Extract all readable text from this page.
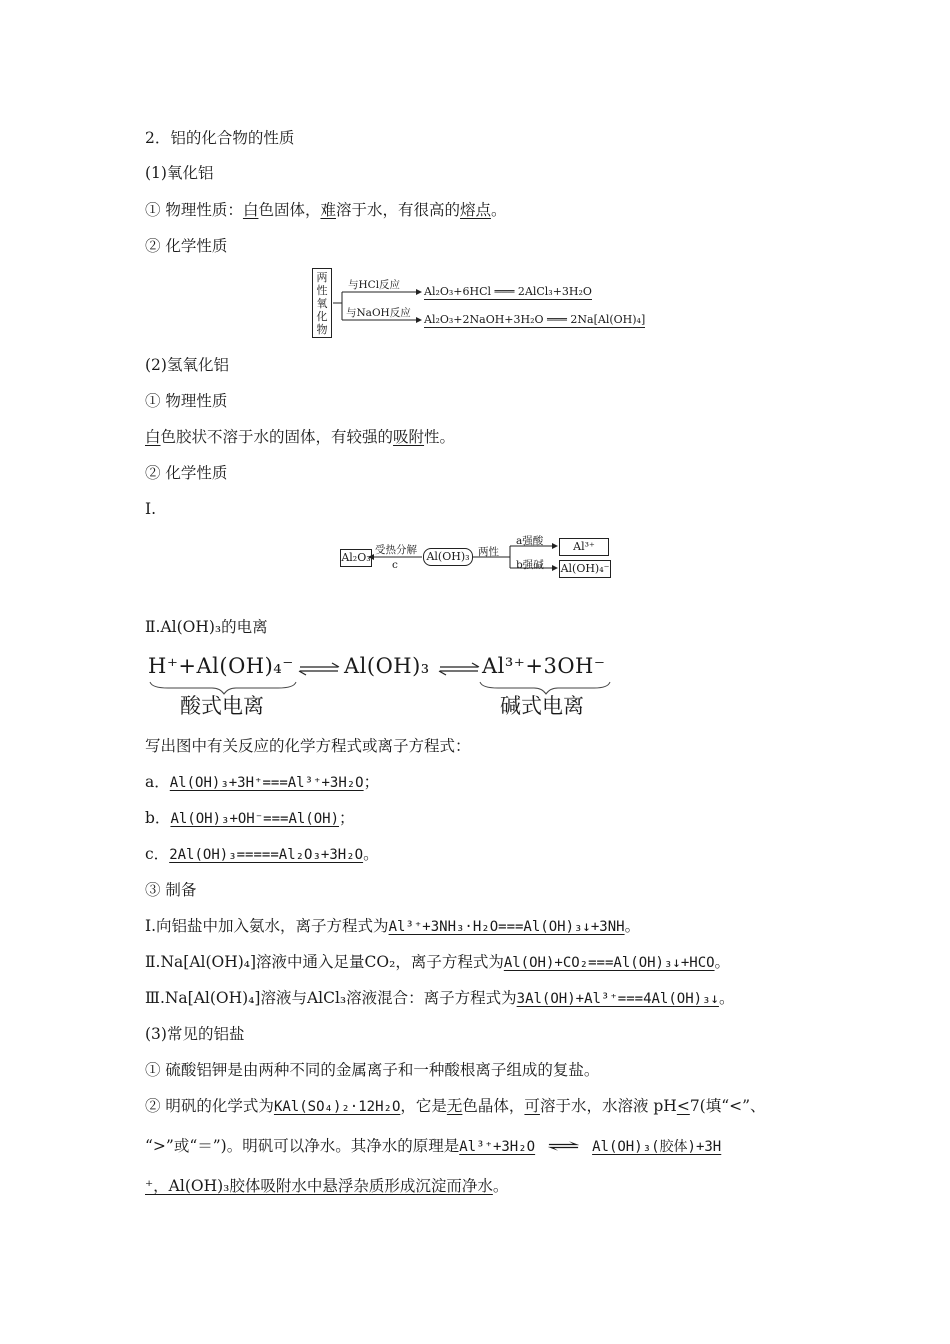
2．铝的化合物的性质
(1)氧化铝
① 物理性质：白色固体，难溶于水，有很高的熔点。
② 化学性质
两性氧化物
与HCl反应
与NaOH反应
Al₂O₃+6HCl ═══ 2AlCl₃+3H₂O
Al₂O₃+2NaOH+3H₂O ═══ 2Na[Al(OH)₄]
(2)氢氧化铝
① 物理性质
白色胶状不溶于水的固体，有较强的吸附性。
② 化学性质
Ⅰ.
Al₂O₃
受热分解
c
Al(OH)₃ 两性
a强酸
b强碱
Al³⁺
Al(OH)₄⁻
Ⅱ.Al(OH)₃的电离
H⁺+Al(OH)₄⁻ Al(OH)₃ Al³⁺+3OH⁻
酸式电离	碱式电离
写出图中有关反应的化学方程式或离子方程式：
a．Al(OH)₃+3H⁺===Al³⁺+3H₂O；
b．Al(OH)₃+OH⁻===Al(OH)；
c．2Al(OH)₃=====Al₂O₃+3H₂O。
③ 制备
Ⅰ.向铝盐中加入氨水，离子方程式为Al³⁺+3NH₃·H₂O===Al(OH)₃↓+3NH。
Ⅱ.Na[Al(OH)₄]溶液中通入足量CO₂，离子方程式为Al(OH)+CO₂===Al(OH)₃↓+HCO。
Ⅲ.Na[Al(OH)₄]溶液与AlCl₃溶液混合：离子方程式为3Al(OH)+Al³⁺===4Al(OH)₃↓。
(3)常见的铝盐
① 硫酸铝钾是由两种不同的金属离子和一种酸根离子组成的复盐。
② 明矾的化学式为KAl(SO₄)₂·12H₂O，它是无色晶体，可溶于水，水溶液 pH<7(填“<”、
“>”或“＝”)。明矾可以净水。其净水的原理是Al³⁺+3H₂O ⇌ Al(OH)₃(胶体)+3H
⁺，Al(OH)₃胶体吸附水中悬浮杂质形成沉淀而净水。
